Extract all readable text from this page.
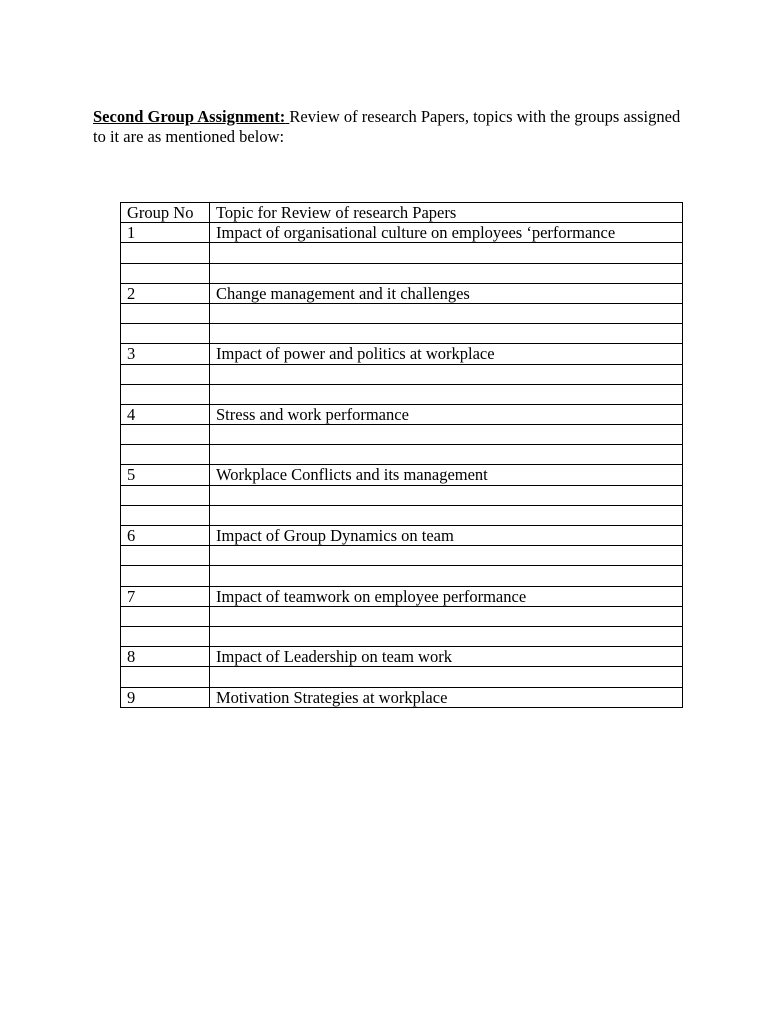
Second Group Assignment: Review of research Papers, topics with the groups assigned to it are as mentioned below:
Group No	Topic for Review of research Papers
1	Impact of organisational culture on employees ‘performance

2	Change management and it challenges

3	Impact of power and politics at workplace

4	Stress and work performance

5	Workplace Conflicts and its management

6	Impact of Group Dynamics on team

7	Impact of teamwork on employee performance

8	Impact of Leadership on team work

9	Motivation Strategies at workplace
